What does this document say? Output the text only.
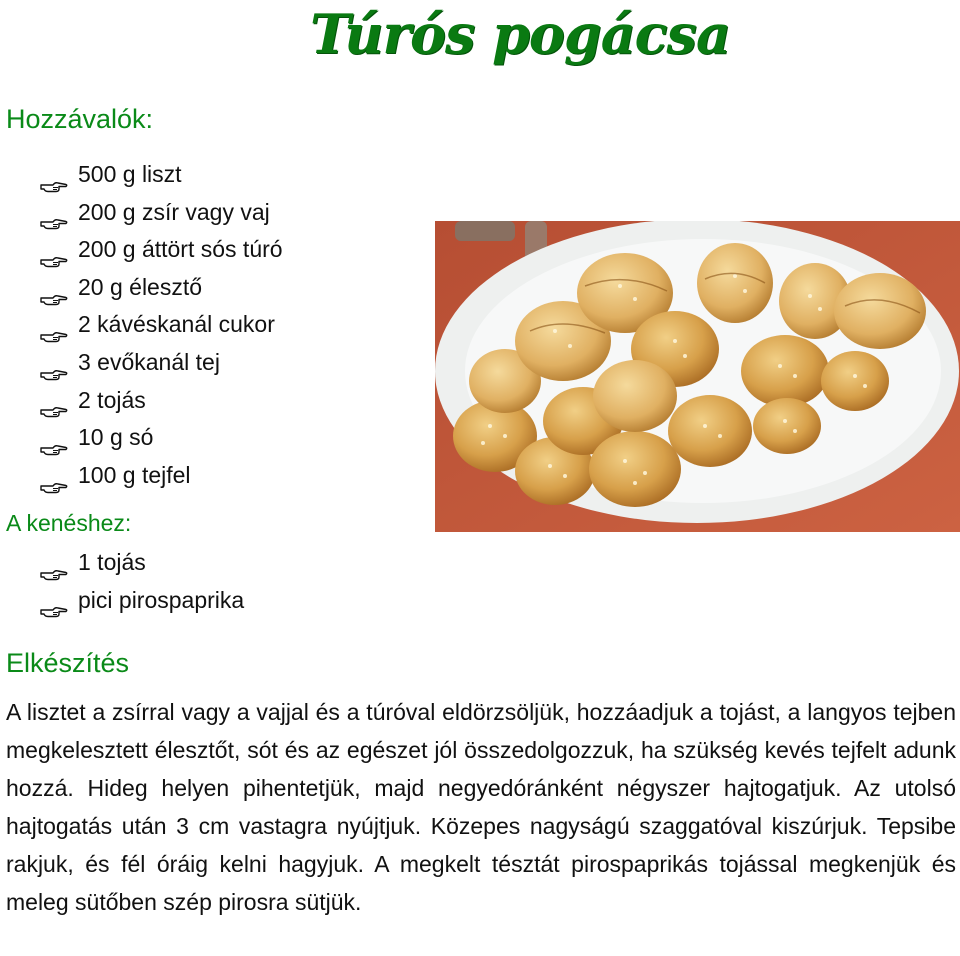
Túrós pogácsa
Hozzávalók:
500 g liszt
200 g zsír vagy vaj
200 g áttört sós túró
20 g élesztő
2 kávéskanál cukor
3 evőkanál tej
2 tojás
10 g só
100 g tejfel
A kenéshez:
1 tojás
pici pirospaprika
Elkészítés
A lisztet a zsírral vagy a vajjal és a túróval eldörzsöljük, hozzáadjuk a tojást, a langyos tejben megkelesztett élesztőt, sót és az egészet jól összedolgozzuk, ha szükség kevés tejfelt adunk hozzá. Hideg helyen pihentetjük, majd negyedóránként négyszer hajtogatjuk. Az utolsó hajtogatás után 3 cm vastagra nyújtjuk. Közepes nagyságú szaggatóval kiszúrjuk. Tepsibe rakjuk, és fél óráig kelni hagyjuk. A megkelt tésztát pirospaprikás tojással megkenjük és meleg sütőben szép pirosra sütjük.
